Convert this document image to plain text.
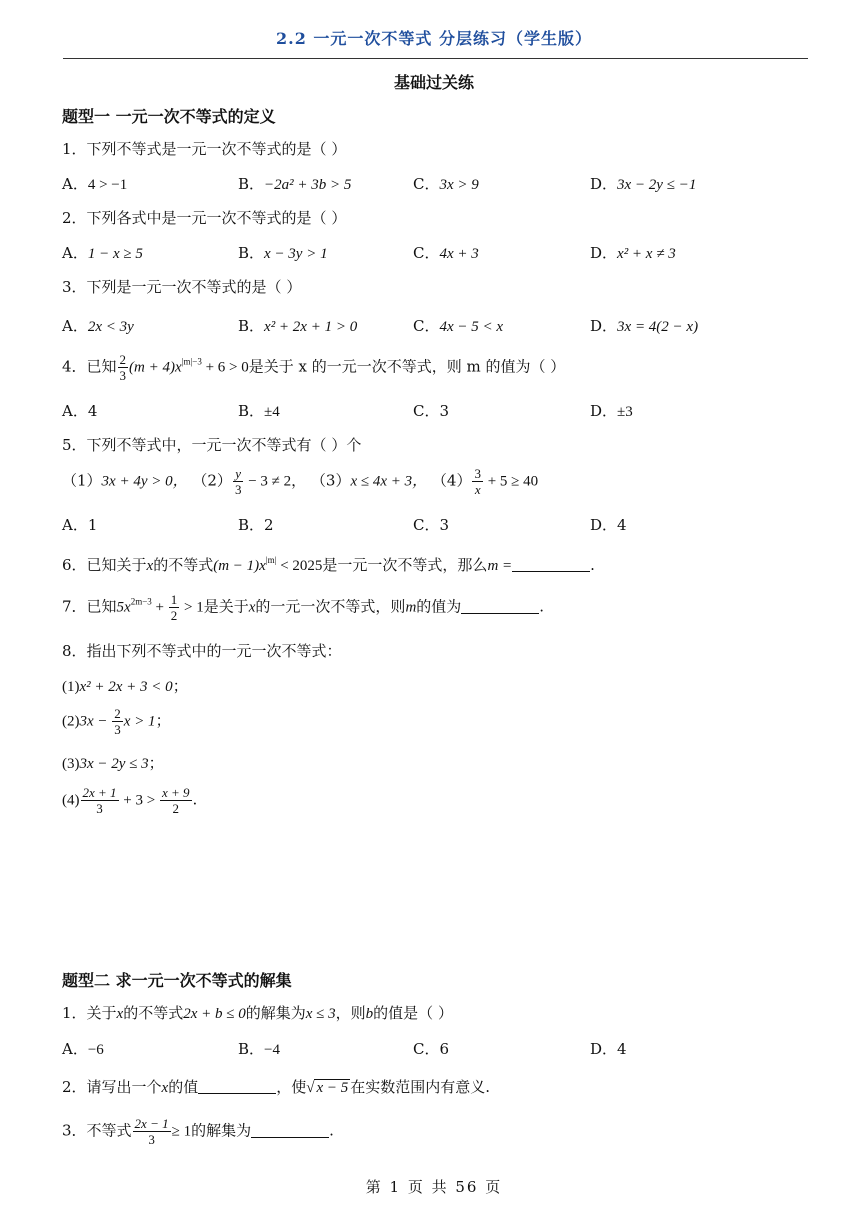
2.2 一元一次不等式 分层练习（学生版）
基础过关练
题型一 一元一次不等式的定义
1．下列不等式是一元一次不等式的是（ ）
A．4 > −1	B．−2a² + 3b > 5	C．3x > 9	D．3x − 2y ≤ −1
2．下列各式中是一元一次不等式的是（ ）
A．1 − x ≥ 5	B．x − 3y > 1	C．4x + 3	D．x² + x ≠ 3
3．下列是一元一次不等式的是（ ）
A．2x < 3y	B．x² + 2x + 1 > 0	C．4x − 5 < x	D．3x = 4(2 − x)
4．已知 $\frac{2}{3} (m + 4)x^{|m|-3} + 6 > 0$是关于 x 的一元一次不等式，则 m 的值为（ ）
A．4	B．±4	C．3	D．±3
5．下列不等式中，一元一次不等式有（ ）个
（1）3x + 4y > 0， $(2) \frac{y}{3} - 3 \ne 2$， （3）x ≤ 4x + 3， $(4) \frac{3}{x} + 5 \ge 40$
A．1	B．2	C．3	D．4
6．已知关于x的不等式$(m - 1)x^{|m|} < 2025$是一元一次不等式，那么m =	.
7．已知$5x^{2m-3} + \frac{1}{2} > 1$是关于x的一元一次不等式，则m的值为	.
8．指出下列不等式中的一元一次不等式：
(1)x² + 2x + 3 < 0；
$(2)3x - \frac{2}{3}$ x > 1；
(3)3x − 2y ≤ 3；
$(4) \frac{2x + 1}{3} + 3 > \frac{x + 9}{2}$ .
题型二 求一元一次不等式的解集
1．关于x的不等式2x + b ≤ 0的解集为x ≤ 3，则b的值是（ ）
A．−6	B．−4	C．6	D．4
2．请写出一个x的值	，使√ x − 5 在实数范围内有意义.
3．不等式 $\frac{2x - 1}{3} \ge 1$的解集为	.
第 1 页 共 56 页
